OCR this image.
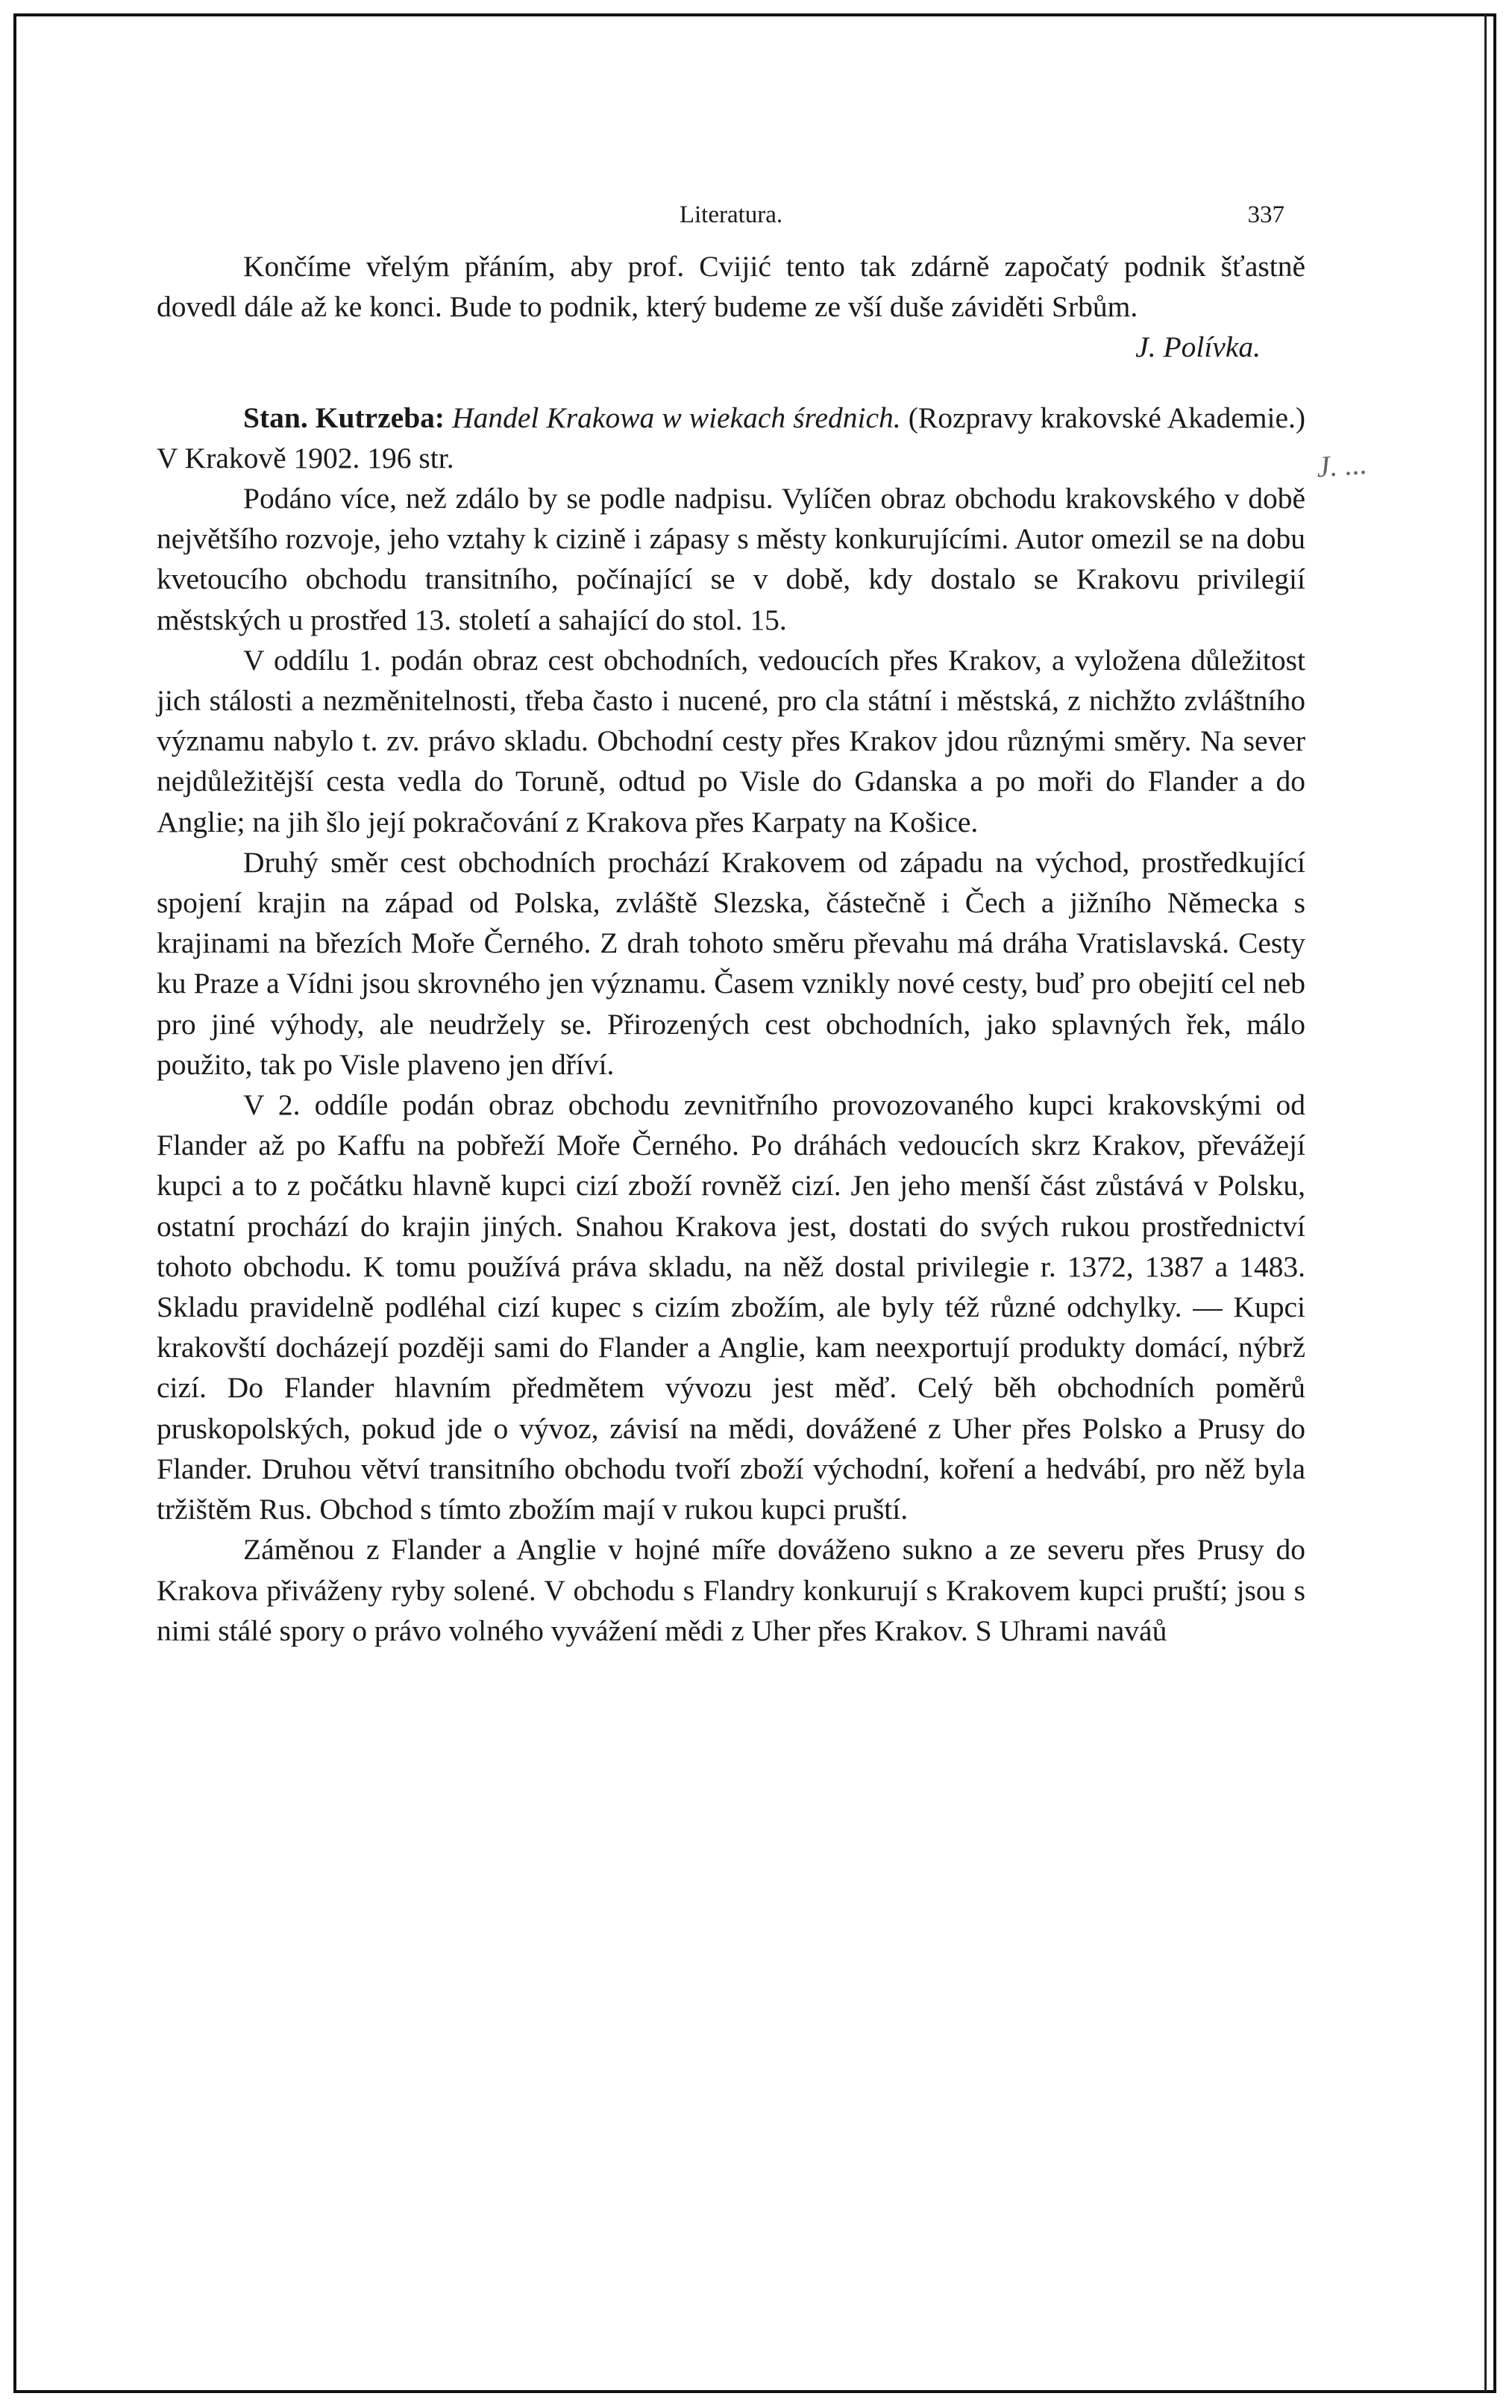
J. ...
Literatura.	337

Končíme vřelým přáním, aby prof. Cvijić tento tak zdárně započatý podnik šťastně dovedl dále až ke konci. Bude to podnik, který budeme ze vší duše záviděti Srbům.

J. Polívka.

Stan. Kutrzeba: Handel Krakowa w wiekach średnich. (Rozpravy krakovské Akademie.) V Krakově 1902. 196 str.

Podáno více, než zdálo by se podle nadpisu. Vylíčen obraz obchodu krakovského v době největšího rozvoje, jeho vztahy k cizině i zápasy s městy konkurujícími. Autor omezil se na dobu kvetoucího obchodu transitního, počínající se v době, kdy dostalo se Krakovu privilegií městských u prostřed 13. století a sahající do stol. 15.

V oddílu 1. podán obraz cest obchodních, vedoucích přes Krakov, a vyložena důležitost jich stálosti a nezměnitelnosti, třeba často i nucené, pro cla státní i městská, z nichžto zvláštního významu nabylo t. zv. právo skladu. Obchodní cesty přes Krakov jdou různými směry. Na sever nejdůležitější cesta vedla do Toruně, odtud po Visle do Gdanska a po moři do Flander a do Anglie; na jih šlo její pokračování z Krakova přes Karpaty na Košice.

Druhý směr cest obchodních prochází Krakovem od západu na východ, prostředkující spojení krajin na západ od Polska, zvláště Slezska, částečně i Čech a jižního Německa s krajinami na březích Moře Černého. Z drah tohoto směru převahu má dráha Vratislavská. Cesty ku Praze a Vídni jsou skrovného jen významu. Časem vznikly nové cesty, buď pro obejití cel neb pro jiné výhody, ale neudržely se. Přirozených cest obchodních, jako splavných řek, málo použito, tak po Visle plaveno jen dříví.

V 2. oddíle podán obraz obchodu zevnitřního provozovaného kupci krakovskými od Flander až po Kaffu na pobřeží Moře Černého. Po dráhách vedoucích skrz Krakov, převážejí kupci a to z počátku hlavně kupci cizí zboží rovněž cizí. Jen jeho menší část zůstává v Polsku, ostatní prochází do krajin jiných. Snahou Krakova jest, dostati do svých rukou prostřednictví tohoto obchodu. K tomu používá práva skladu, na něž dostal privilegie r. 1372, 1387 a 1483. Skladu pravidelně podléhal cizí kupec s cizím zbožím, ale byly též různé odchylky. — Kupci krakovští docházejí později sami do Flander a Anglie, kam neexportují produkty domácí, nýbrž cizí. Do Flander hlavním předmětem vývozu jest měď. Celý běh obchodních poměrů pruskopolských, pokud jde o vývoz, závisí na mědi, dovážené z Uher přes Polsko a Prusy do Flander. Druhou větví transitního obchodu tvoří zboží východní, koření a hedvábí, pro něž byla tržištěm Rus. Obchod s tímto zbožím mají v rukou kupci pruští.

Záměnou z Flander a Anglie v hojné míře dováženo sukno a ze severu přes Prusy do Krakova přiváženy ryby solené. V obchodu s Flandry konkurují s Krakovem kupci pruští; jsou s nimi stálé spory o právo volného vyvážení mědi z Uher přes Krakov. S Uhrami naváů
